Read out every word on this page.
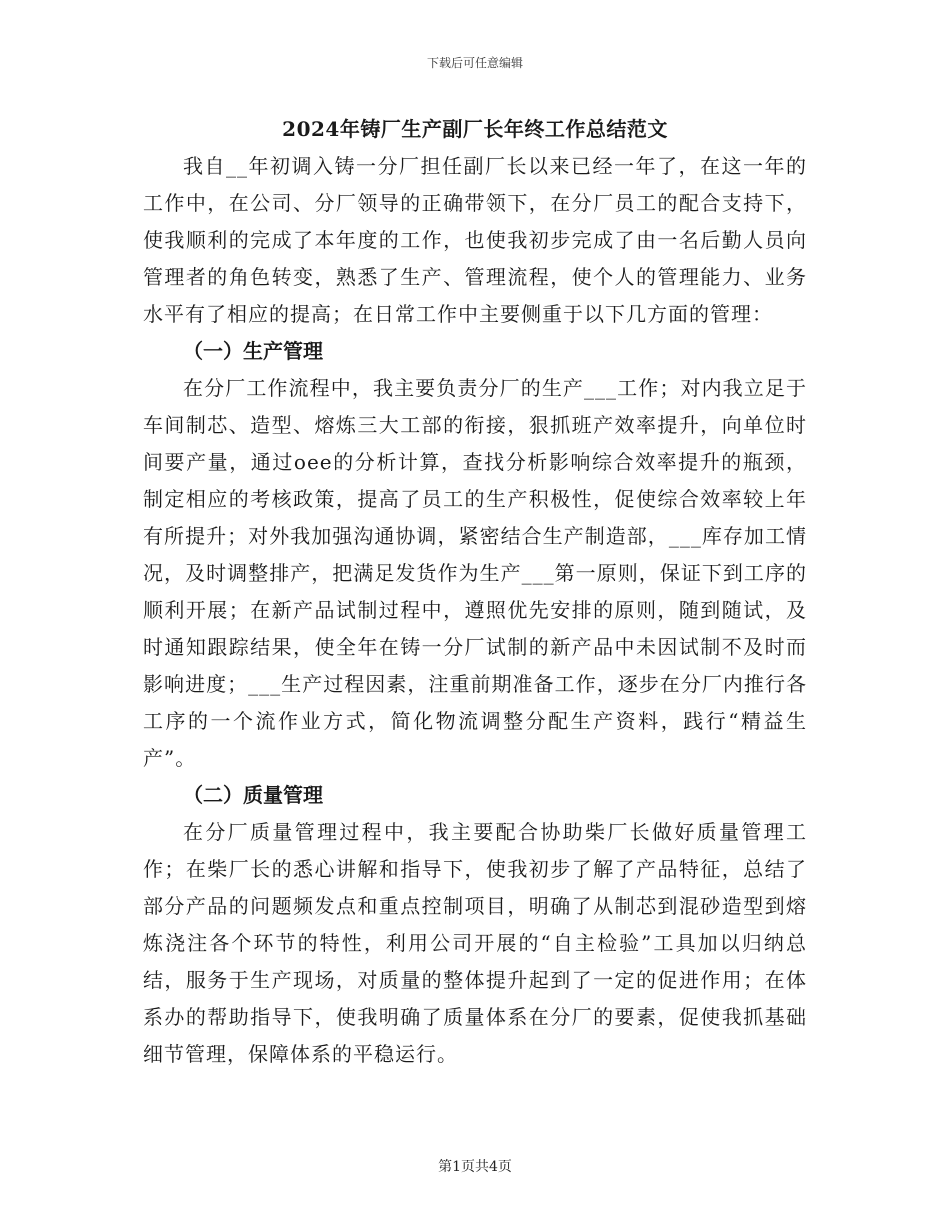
下载后可任意编辑
2024年铸厂生产副厂长年终工作总结范文

我自__年初调入铸一分厂担任副厂长以来已经一年了，在这一年的工作中，在公司、分厂领导的正确带领下，在分厂员工的配合支持下，使我顺利的完成了本年度的工作，也使我初步完成了由一名后勤人员向管理者的角色转变，熟悉了生产、管理流程，使个人的管理能力、业务水平有了相应的提高；在日常工作中主要侧重于以下几方面的管理：

（一）生产管理

在分厂工作流程中，我主要负责分厂的生产___工作；对内我立足于车间制芯、造型、熔炼三大工部的衔接，狠抓班产效率提升，向单位时间要产量，通过oee的分析计算，查找分析影响综合效率提升的瓶颈，制定相应的考核政策，提高了员工的生产积极性，促使综合效率较上年有所提升；对外我加强沟通协调，紧密结合生产制造部，___库存加工情况，及时调整排产，把满足发货作为生产___第一原则，保证下到工序的顺利开展；在新产品试制过程中，遵照优先安排的原则，随到随试，及时通知跟踪结果，使全年在铸一分厂试制的新产品中未因试制不及时而影响进度；___生产过程因素，注重前期准备工作，逐步在分厂内推行各工序的一个流作业方式，简化物流调整分配生产资料，践行“精益生产”。

（二）质量管理

在分厂质量管理过程中，我主要配合协助柴厂长做好质量管理工作；在柴厂长的悉心讲解和指导下，使我初步了解了产品特征，总结了部分产品的问题频发点和重点控制项目，明确了从制芯到混砂造型到熔炼浇注各个环节的特性，利用公司开展的“自主检验”工具加以归纳总结，服务于生产现场，对质量的整体提升起到了一定的促进作用；在体系办的帮助指导下，使我明确了质量体系在分厂的要素，促使我抓基础细节管理，保障体系的平稳运行。

第1页共4页
